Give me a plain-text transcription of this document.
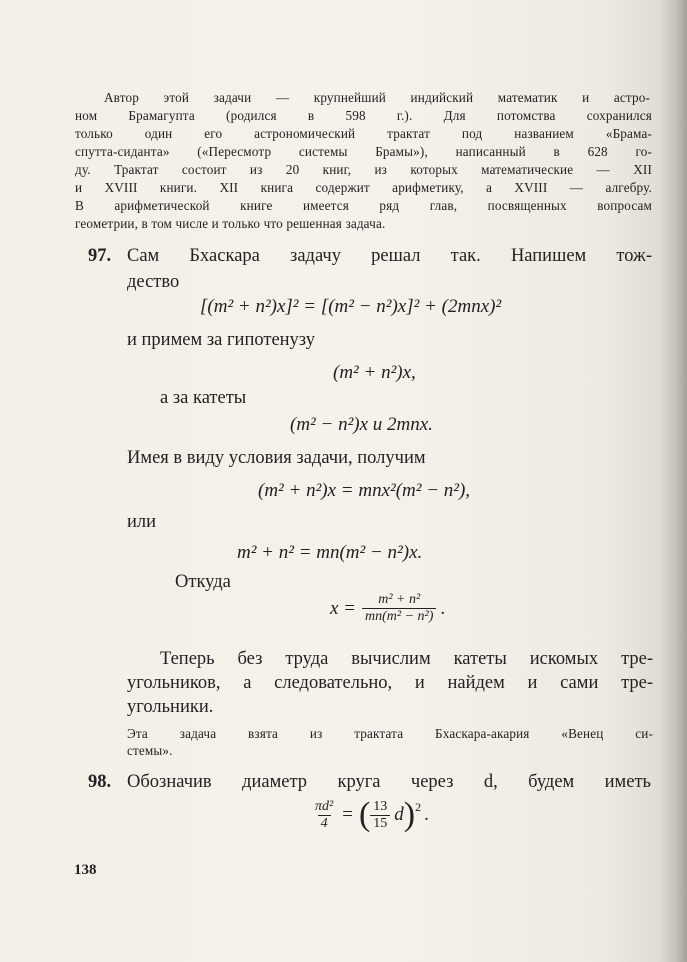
Автор этой задачи — крупнейший индийский математик и астро-
ном Брамагупта (родился в 598 г.). Для потомства сохранился
только один его астрономический трактат под названием «Брама-
спутта-сиданта» («Пересмотр системы Брамы»), написанный в 628 го-
ду. Трактат состоит из 20 книг, из которых математические — XII
и XVIII книги. XII книга содержит арифметику, а XVIII — алгебру.
В арифметической книге имеется ряд глав, посвященных вопросам
геометрии, в том числе и только что решенная задача.
97. Сам Бхаскара задачу решал так. Напишем тож-
дество
[(m² + n²)x]² = [(m² − n²)x]² + (2mnx)²
и примем за гипотенузу
(m² + n²)x,
а за катеты
(m² − n²)x и 2mnx.
Имея в виду условия задачи, получим
(m² + n²)x = mnx²(m² − n²),
или
m² + n² = mn(m² − n²)x.
Откуда
$x = \frac{\text{m² + n²}}{\text{mn(m² − n²)}}$ .
Теперь без труда вычислим катеты искомых тре-
угольников, а следовательно, и найдем и сами тре-
угольники.
Эта задача взята из трактата Бхаскара-акария «Венец си-
стемы».
98. Обозначив диаметр круга через d, будем иметь
$\frac{\text{πd²}}{4}$ = ( $\frac{13}{15}$ d ) 2 .
138
